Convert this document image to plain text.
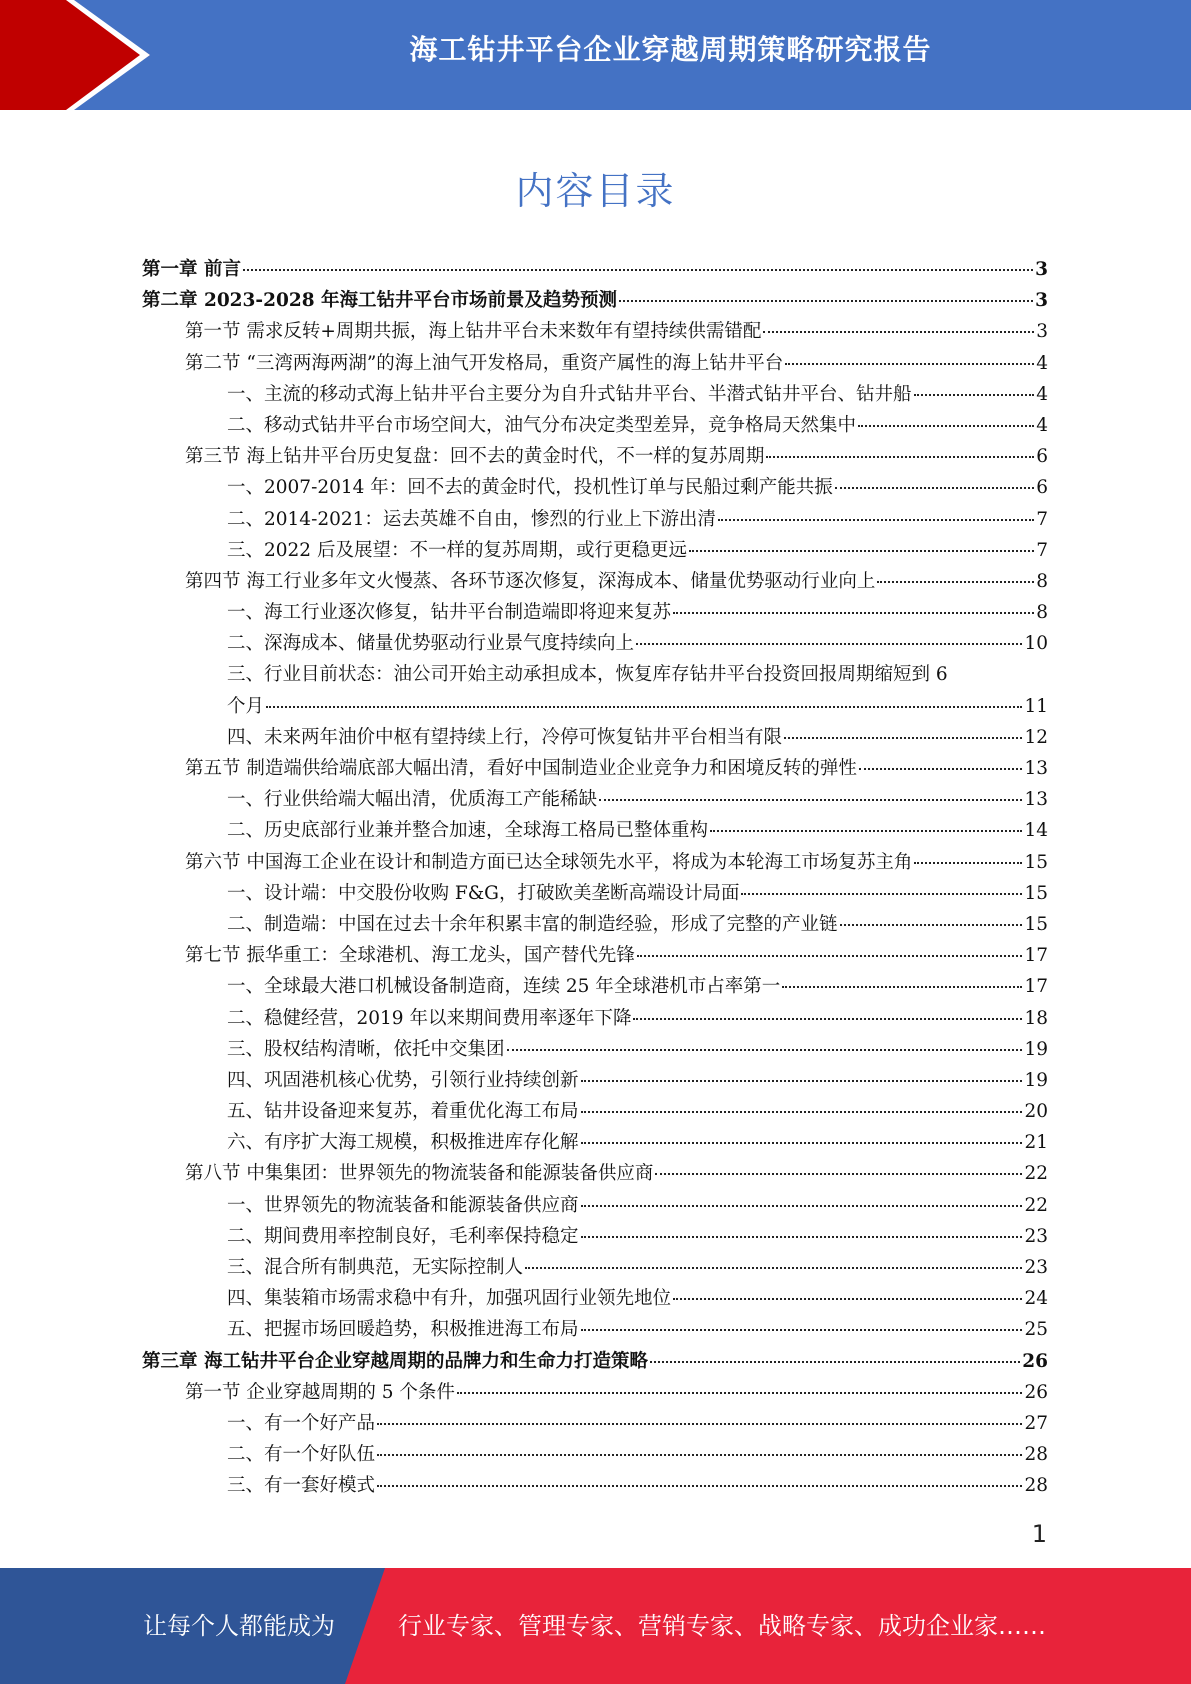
海工钻井平台企业穿越周期策略研究报告
内容目录
第一章 前言	3
第二章 2023-2028 年海工钻井平台市场前景及趋势预测	3
第一节 需求反转+周期共振，海上钻井平台未来数年有望持续供需错配	3
第二节 “三湾两海两湖”的海上油气开发格局，重资产属性的海上钻井平台	4
一、主流的移动式海上钻井平台主要分为自升式钻井平台、半潜式钻井平台、钻井船	4
二、移动式钻井平台市场空间大，油气分布决定类型差异，竞争格局天然集中	4
第三节 海上钻井平台历史复盘：回不去的黄金时代，不一样的复苏周期	6
一、2007-2014 年：回不去的黄金时代，投机性订单与民船过剩产能共振	6
二、2014-2021：运去英雄不自由，惨烈的行业上下游出清	7
三、2022 后及展望：不一样的复苏周期，或行更稳更远	7
第四节 海工行业多年文火慢蒸、各环节逐次修复，深海成本、储量优势驱动行业向上	8
一、海工行业逐次修复，钻井平台制造端即将迎来复苏	8
二、深海成本、储量优势驱动行业景气度持续向上	10
三、行业目前状态：油公司开始主动承担成本，恢复库存钻井平台投资回报周期缩短到 6
个月	11
四、未来两年油价中枢有望持续上行，冷停可恢复钻井平台相当有限	12
第五节 制造端供给端底部大幅出清，看好中国制造业企业竞争力和困境反转的弹性	13
一、行业供给端大幅出清，优质海工产能稀缺	13
二、历史底部行业兼并整合加速，全球海工格局已整体重构	14
第六节 中国海工企业在设计和制造方面已达全球领先水平，将成为本轮海工市场复苏主角	15
一、设计端：中交股份收购 F&G，打破欧美垄断高端设计局面	15
二、制造端：中国在过去十余年积累丰富的制造经验，形成了完整的产业链	15
第七节 振华重工：全球港机、海工龙头，国产替代先锋	17
一、全球最大港口机械设备制造商，连续 25 年全球港机市占率第一	17
二、稳健经营，2019 年以来期间费用率逐年下降	18
三、股权结构清晰，依托中交集团	19
四、巩固港机核心优势，引领行业持续创新	19
五、钻井设备迎来复苏，着重优化海工布局	20
六、有序扩大海工规模，积极推进库存化解	21
第八节 中集集团：世界领先的物流装备和能源装备供应商	22
一、世界领先的物流装备和能源装备供应商	22
二、期间费用率控制良好，毛利率保持稳定	23
三、混合所有制典范，无实际控制人	23
四、集装箱市场需求稳中有升，加强巩固行业领先地位	24
五、把握市场回暖趋势，积极推进海工布局	25
第三章 海工钻井平台企业穿越周期的品牌力和生命力打造策略	26
第一节 企业穿越周期的 5 个条件	26
一、有一个好产品	27
二、有一个好队伍	28
三、有一套好模式	28
1
让每个人都能成为	行业专家、管理专家、营销专家、战略专家、成功企业家……
